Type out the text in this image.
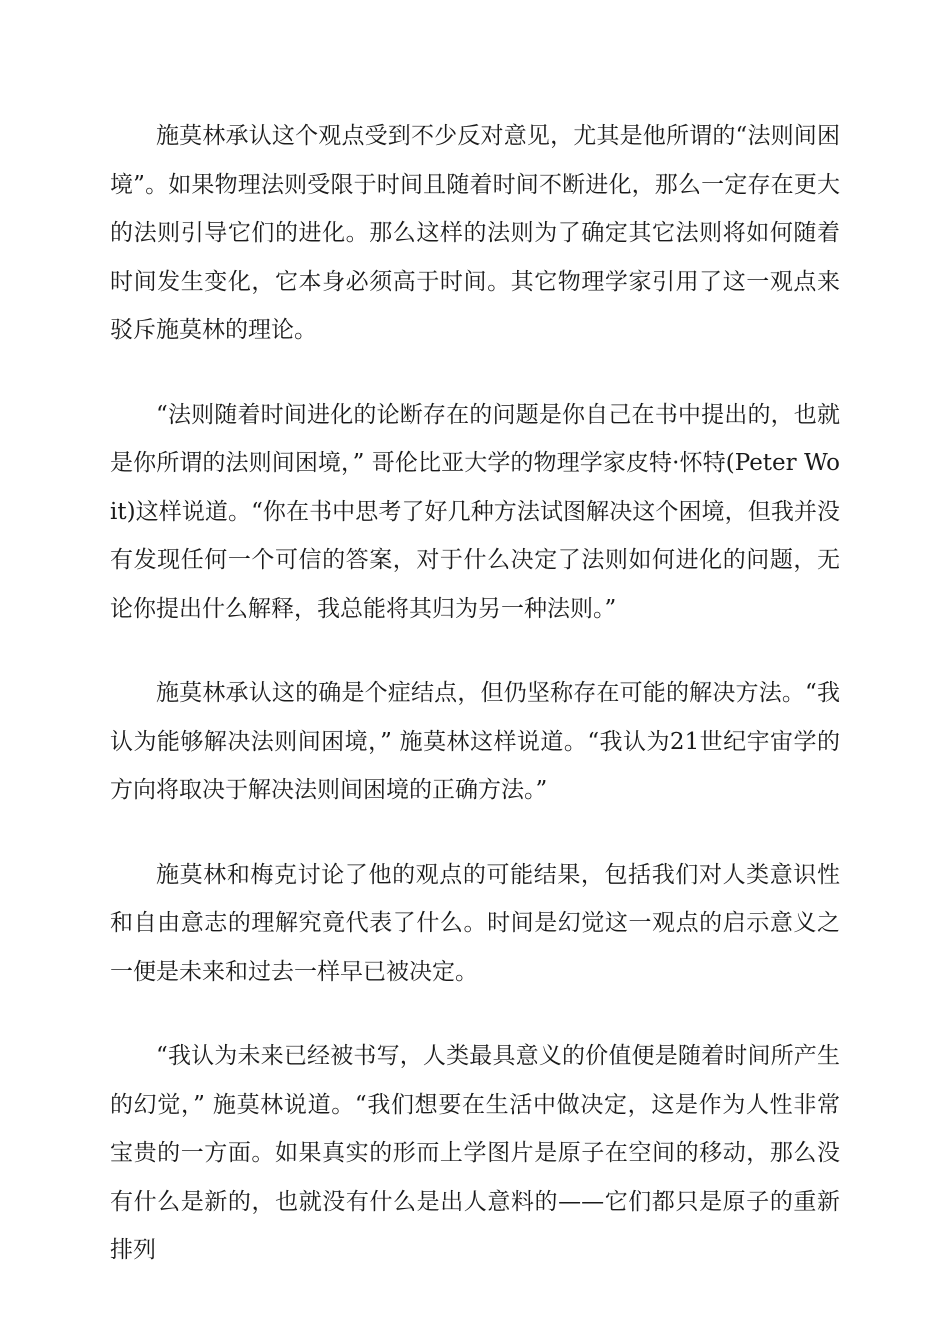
施莫林承认这个观点受到不少反对意见，尤其是他所谓的“法则间困境”。如果物理法则受限于时间且随着时间不断进化，那么一定存在更大的法则引导它们的进化。那么这样的法则为了确定其它法则将如何随着时间发生变化，它本身必须高于时间。其它物理学家引用了这一观点来驳斥施莫林的理论。

“法则随着时间进化的论断存在的问题是你自己在书中提出的，也就是你所谓的法则间困境，” 哥伦比亚大学的物理学家皮特·怀特(Peter Woit)这样说道。“你在书中思考了好几种方法试图解决这个困境，但我并没有发现任何一个可信的答案，对于什么决定了法则如何进化的问题，无论你提出什么解释，我总能将其归为另一种法则。”

施莫林承认这的确是个症结点，但仍坚称存在可能的解决方法。“我认为能够解决法则间困境，” 施莫林这样说道。“我认为21世纪宇宙学的方向将取决于解决法则间困境的正确方法。”

施莫林和梅克讨论了他的观点的可能结果，包括我们对人类意识性和自由意志的理解究竟代表了什么。时间是幻觉这一观点的启示意义之一便是未来和过去一样早已被决定。

“我认为未来已经被书写，人类最具意义的价值便是随着时间所产生的幻觉，” 施莫林说道。“我们想要在生活中做决定，这是作为人性非常宝贵的一方面。如果真实的形而上学图片是原子在空间的移动，那么没有什么是新的，也就没有什么是出人意料的——它们都只是原子的重新排列
